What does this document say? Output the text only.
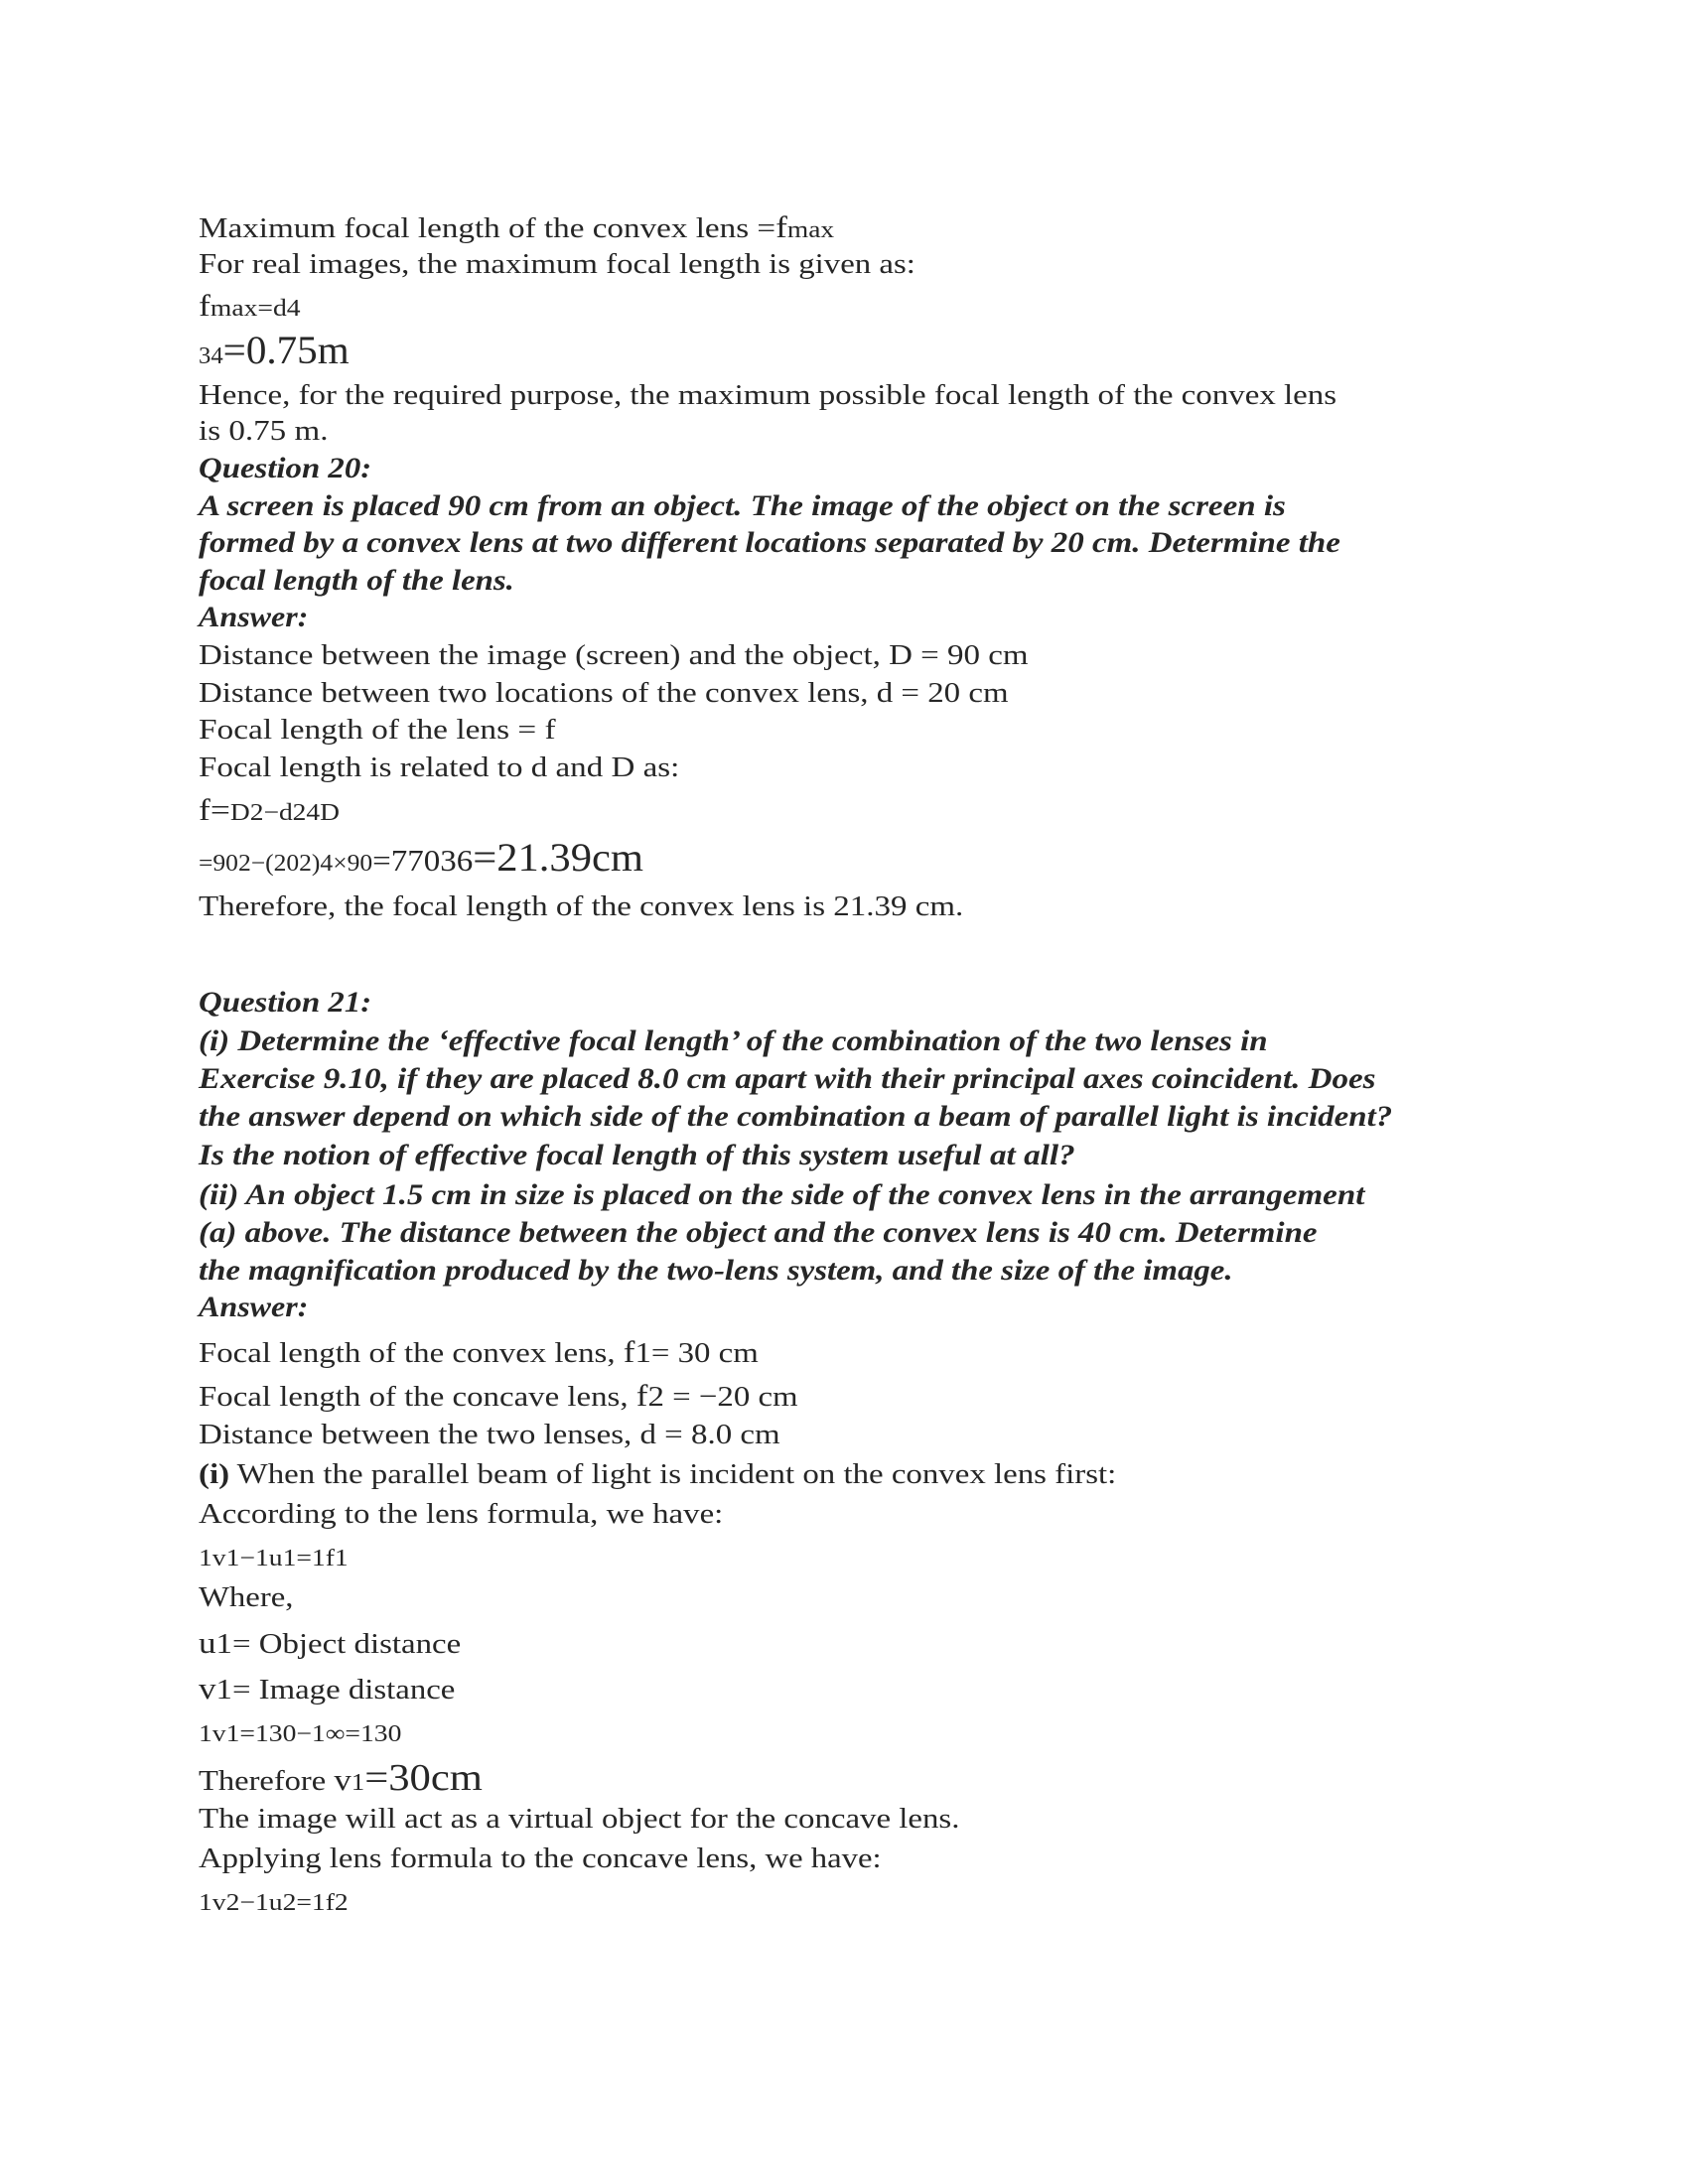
Maximum focal length of the convex lens =fmax
For real images, the maximum focal length is given as:
fmax=d4
34=0.75m
Hence, for the required purpose, the maximum possible focal length of the convex lens
is 0.75 m.
Question 20:
A screen is placed 90 cm from an object. The image of the object on the screen is
formed by a convex lens at two different locations separated by 20 cm. Determine the
focal length of the lens.
Answer:
Distance between the image (screen) and the object, D = 90 cm
Distance between two locations of the convex lens, d = 20 cm
Focal length of the lens = f
Focal length is related to d and D as:
f=D2−d24D
=902−(202)4×90=77036=21.39cm
Therefore, the focal length of the convex lens is 21.39 cm.
Question 21:
(i) Determine the ‘effective focal length’ of the combination of the two lenses in
Exercise 9.10, if they are placed 8.0 cm apart with their principal axes coincident. Does
the answer depend on which side of the combination a beam of parallel light is incident?
Is the notion of effective focal length of this system useful at all?
(ii) An object 1.5 cm in size is placed on the side of the convex lens in the arrangement
(a) above. The distance between the object and the convex lens is 40 cm. Determine
the magnification produced by the two-lens system, and the size of the image.
Answer:
Focal length of the convex lens, f1= 30 cm
Focal length of the concave lens, f2 = −20 cm
Distance between the two lenses, d = 8.0 cm
(i) When the parallel beam of light is incident on the convex lens first:
According to the lens formula, we have:
1v1−1u1=1f1
Where,
u1= Object distance
v1= Image distance
1v1=130−1∞=130
Therefore v1=30cm
The image will act as a virtual object for the concave lens.
Applying lens formula to the concave lens, we have:
1v2−1u2=1f2
